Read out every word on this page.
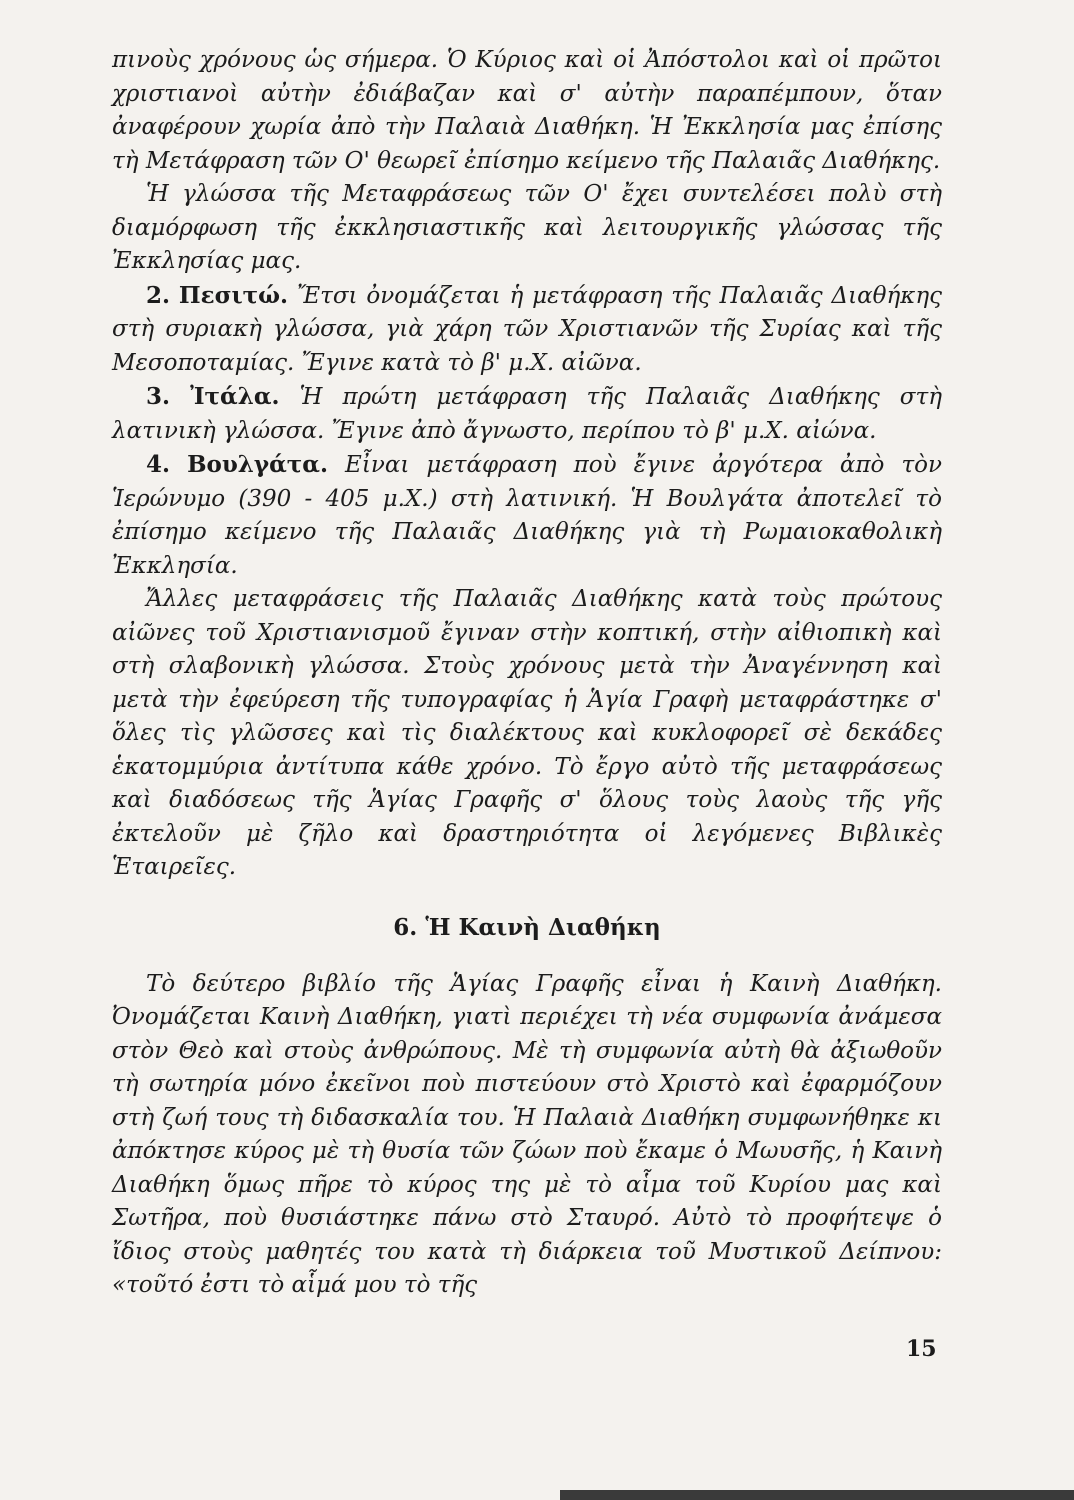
πινοὺς χρόνους ὡς σήμερα. Ὁ Κύριος καὶ οἱ Ἀπόστολοι καὶ οἱ πρῶτοι χριστιανοὶ αὐτὴν ἐδιάβαζαν καὶ σ' αὐτὴν παραπέμπουν, ὅταν ἀναφέρουν χωρία ἀπὸ τὴν Παλαιὰ Διαθήκη. Ἡ Ἐκκλησία μας ἐπίσης τὴ Μετάφραση τῶν Ο' θεωρεῖ ἐπίσημο κείμενο τῆς Παλαιᾶς Διαθήκης.

Ἡ γλώσσα τῆς Μεταφράσεως τῶν Ο' ἔχει συντελέσει πολὺ στὴ διαμόρφωση τῆς ἐκκλησιαστικῆς καὶ λειτουργικῆς γλώσσας τῆς Ἐκκλησίας μας.

2. Πεσιτώ. Ἔτσι ὀνομάζεται ἡ μετάφραση τῆς Παλαιᾶς Διαθήκης στὴ συριακὴ γλώσσα, γιὰ χάρη τῶν Χριστιανῶν τῆς Συρίας καὶ τῆς Μεσοποταμίας. Ἔγινε κατὰ τὸ β' μ.Χ. αἰῶνα.

3. Ἰτάλα. Ἡ πρώτη μετάφραση τῆς Παλαιᾶς Διαθήκης στὴ λατινικὴ γλώσσα. Ἔγινε ἀπὸ ἄγνωστο, περίπου τὸ β' μ.Χ. αἰώνα.

4. Βουλγάτα. Εἶναι μετάφραση ποὺ ἔγινε ἀργότερα ἀπὸ τὸν Ἱερώνυμο (390 - 405 μ.Χ.) στὴ λατινική. Ἡ Βουλγάτα ἀποτελεῖ τὸ ἐπίσημο κείμενο τῆς Παλαιᾶς Διαθήκης γιὰ τὴ Ρωμαιοκαθολικὴ Ἐκκλησία.

Ἄλλες μεταφράσεις τῆς Παλαιᾶς Διαθήκης κατὰ τοὺς πρώτους αἰῶνες τοῦ Χριστιανισμοῦ ἔγιναν στὴν κοπτική, στὴν αἰθιοπικὴ καὶ στὴ σλαβονικὴ γλώσσα. Στοὺς χρόνους μετὰ τὴν Ἀναγέννηση καὶ μετὰ τὴν ἐφεύρεση τῆς τυπογραφίας ἡ Ἁγία Γραφὴ μεταφράστηκε σ' ὅλες τὶς γλῶσσες καὶ τὶς διαλέκτους καὶ κυκλοφορεῖ σὲ δεκάδες ἑκατομμύρια ἀντίτυπα κάθε χρόνο. Τὸ ἔργο αὐτὸ τῆς μεταφράσεως καὶ διαδόσεως τῆς Ἁγίας Γραφῆς σ' ὅλους τοὺς λαοὺς τῆς γῆς ἐκτελοῦν μὲ ζῆλο καὶ δραστηριότητα οἱ λεγόμενες Βιβλικὲς Ἑταιρεῖες.

6. Ἡ Καινὴ Διαθήκη

Τὸ δεύτερο βιβλίο τῆς Ἁγίας Γραφῆς εἶναι ἡ Καινὴ Διαθήκη. Ὀνομάζεται Καινὴ Διαθήκη, γιατὶ περιέχει τὴ νέα συμφωνία ἀνάμεσα στὸν Θεὸ καὶ στοὺς ἀνθρώπους. Μὲ τὴ συμφωνία αὐτὴ θὰ ἀξιωθοῦν τὴ σωτηρία μόνο ἐκεῖνοι ποὺ πιστεύουν στὸ Χριστὸ καὶ ἐφαρμόζουν στὴ ζωή τους τὴ διδασκαλία του. Ἡ Παλαιὰ Διαθήκη συμφωνήθηκε κι ἀπόκτησε κύρος μὲ τὴ θυσία τῶν ζώων ποὺ ἔκαμε ὁ Μωυσῆς, ἡ Καινὴ Διαθήκη ὅμως πῆρε τὸ κύρος της μὲ τὸ αἷμα τοῦ Κυρίου μας καὶ Σωτῆρα, ποὺ θυσιάστηκε πάνω στὸ Σταυρό. Αὐτὸ τὸ προφήτεψε ὁ ἴδιος στοὺς μαθητές του κατὰ τὴ διάρκεια τοῦ Μυστικοῦ Δείπνου: «τοῦτό ἐστι τὸ αἷμά μου τὸ τῆς

15
